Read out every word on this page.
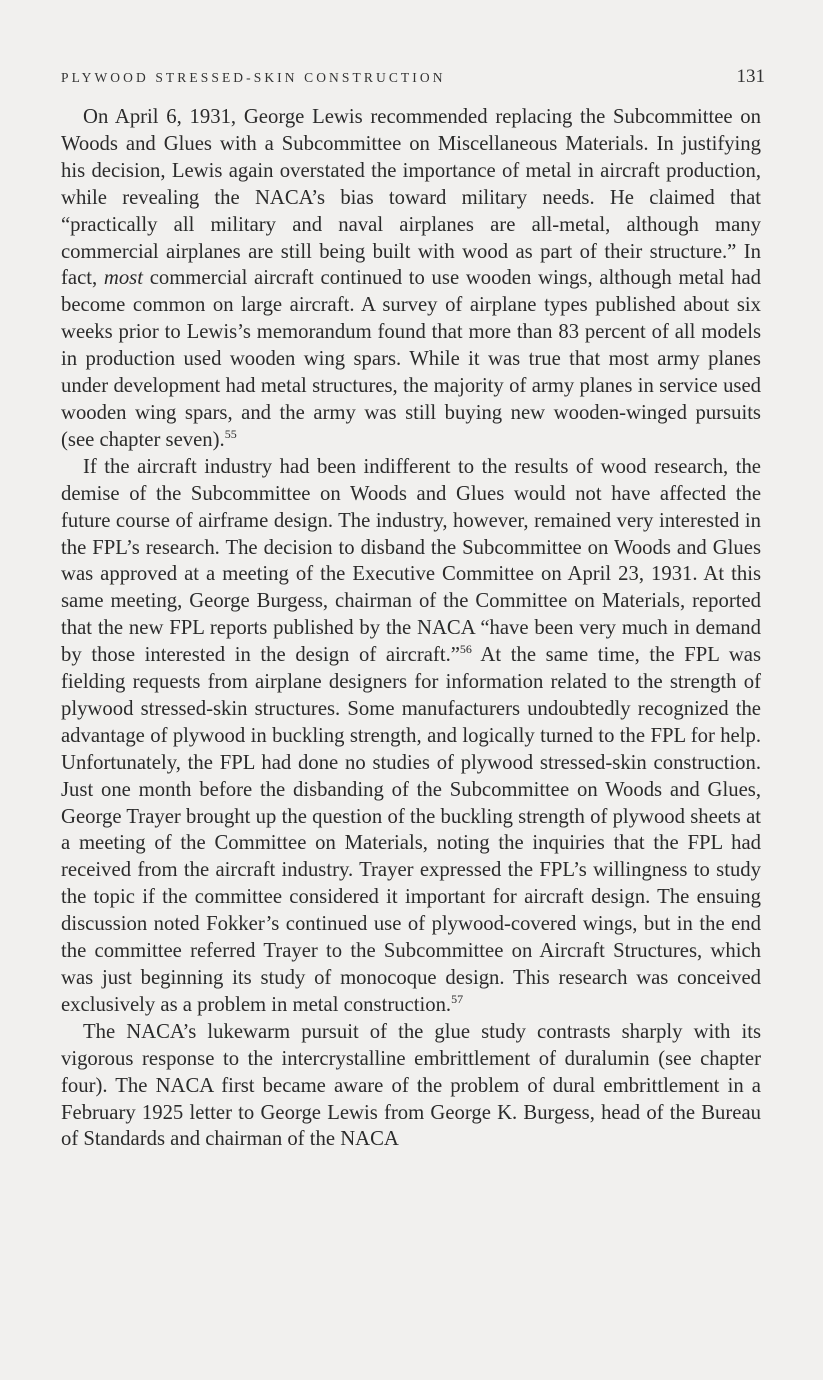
PLYWOOD STRESSED-SKIN CONSTRUCTION	131

On April 6, 1931, George Lewis recommended replacing the Subcommittee on Woods and Glues with a Subcommittee on Miscellaneous Materials. In justifying his decision, Lewis again overstated the importance of metal in aircraft production, while revealing the NACA’s bias toward military needs. He claimed that “practically all military and naval airplanes are all-metal, although many commercial airplanes are still being built with wood as part of their structure.” In fact, most commercial aircraft continued to use wooden wings, although metal had become common on large aircraft. A survey of airplane types published about six weeks prior to Lewis’s memorandum found that more than 83 percent of all models in production used wooden wing spars. While it was true that most army planes under development had metal structures, the majority of army planes in service used wooden wing spars, and the army was still buying new wooden-winged pursuits (see chapter seven).$^{55}$

If the aircraft industry had been indifferent to the results of wood research, the demise of the Subcommittee on Woods and Glues would not have affected the future course of airframe design. The industry, however, remained very interested in the FPL’s research. The decision to disband the Subcommittee on Woods and Glues was approved at a meeting of the Executive Committee on April 23, 1931. At this same meeting, George Burgess, chairman of the Committee on Materials, reported that the new FPL reports published by the NACA “have been very much in demand by those interested in the design of aircraft.”$^{56}$ At the same time, the FPL was fielding requests from airplane designers for information related to the strength of plywood stressed-skin structures. Some manufacturers undoubtedly recognized the advantage of plywood in buckling strength, and logically turned to the FPL for help. Unfortunately, the FPL had done no studies of plywood stressed-skin construction. Just one month before the disbanding of the Subcommittee on Woods and Glues, George Trayer brought up the question of the buckling strength of plywood sheets at a meeting of the Committee on Materials, noting the inquiries that the FPL had received from the aircraft industry. Trayer expressed the FPL’s willingness to study the topic if the committee considered it important for aircraft design. The ensuing discussion noted Fokker’s continued use of plywood-covered wings, but in the end the committee referred Trayer to the Subcommittee on Aircraft Structures, which was just beginning its study of monocoque design. This research was conceived exclusively as a problem in metal construction.$^{57}$

The NACA’s lukewarm pursuit of the glue study contrasts sharply with its vigorous response to the intercrystalline embrittlement of duralumin (see chapter four). The NACA first became aware of the problem of dural embrittlement in a February 1925 letter to George Lewis from George K. Burgess, head of the Bureau of Standards and chairman of the NACA
